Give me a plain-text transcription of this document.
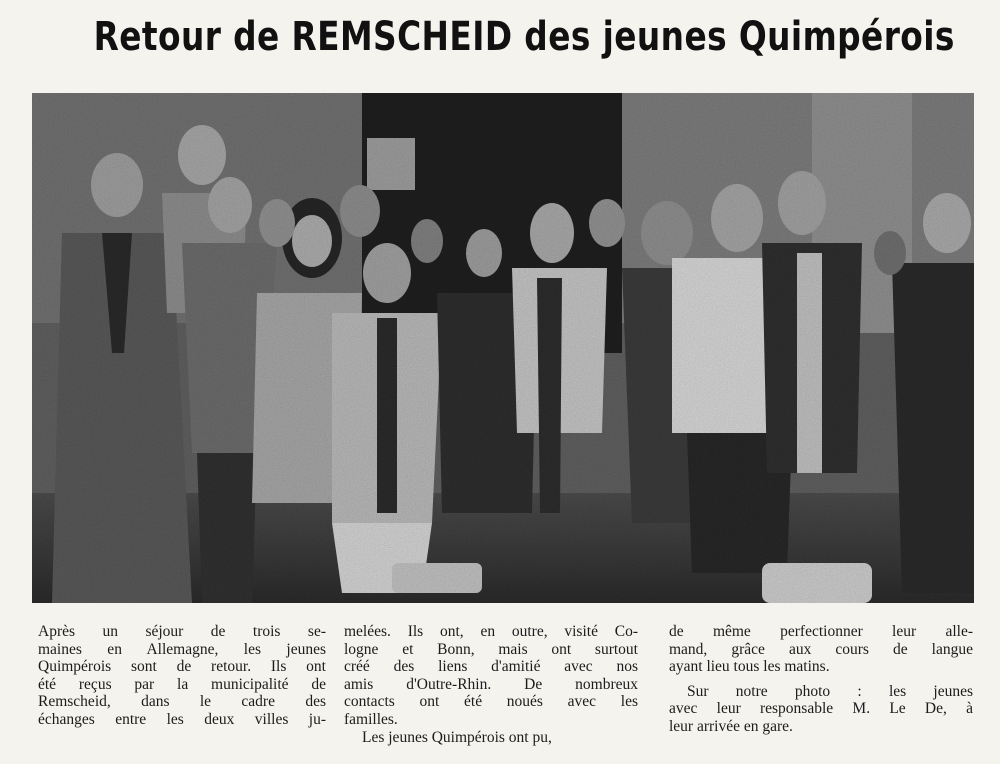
Retour de REMSCHEID des jeunes Quimpérois

Après un séjour de trois se-

maines en Allemagne, les jeunes

Quimpérois sont de retour. Ils ont

été reçus par la municipalité de

Remscheid, dans le cadre des

échanges entre les deux villes ju-

melées. Ils ont, en outre, visité Co-

logne et Bonn, mais ont surtout

créé des liens d'amitié avec nos

amis d'Outre-Rhin. De nombreux

contacts ont été noués avec les

familles.

Les jeunes Quimpérois ont pu,

de même perfectionner leur alle-

mand, grâce aux cours de langue

ayant lieu tous les matins.

Sur notre photo : les jeunes

avec leur responsable M. Le De, à

leur arrivée en gare.
